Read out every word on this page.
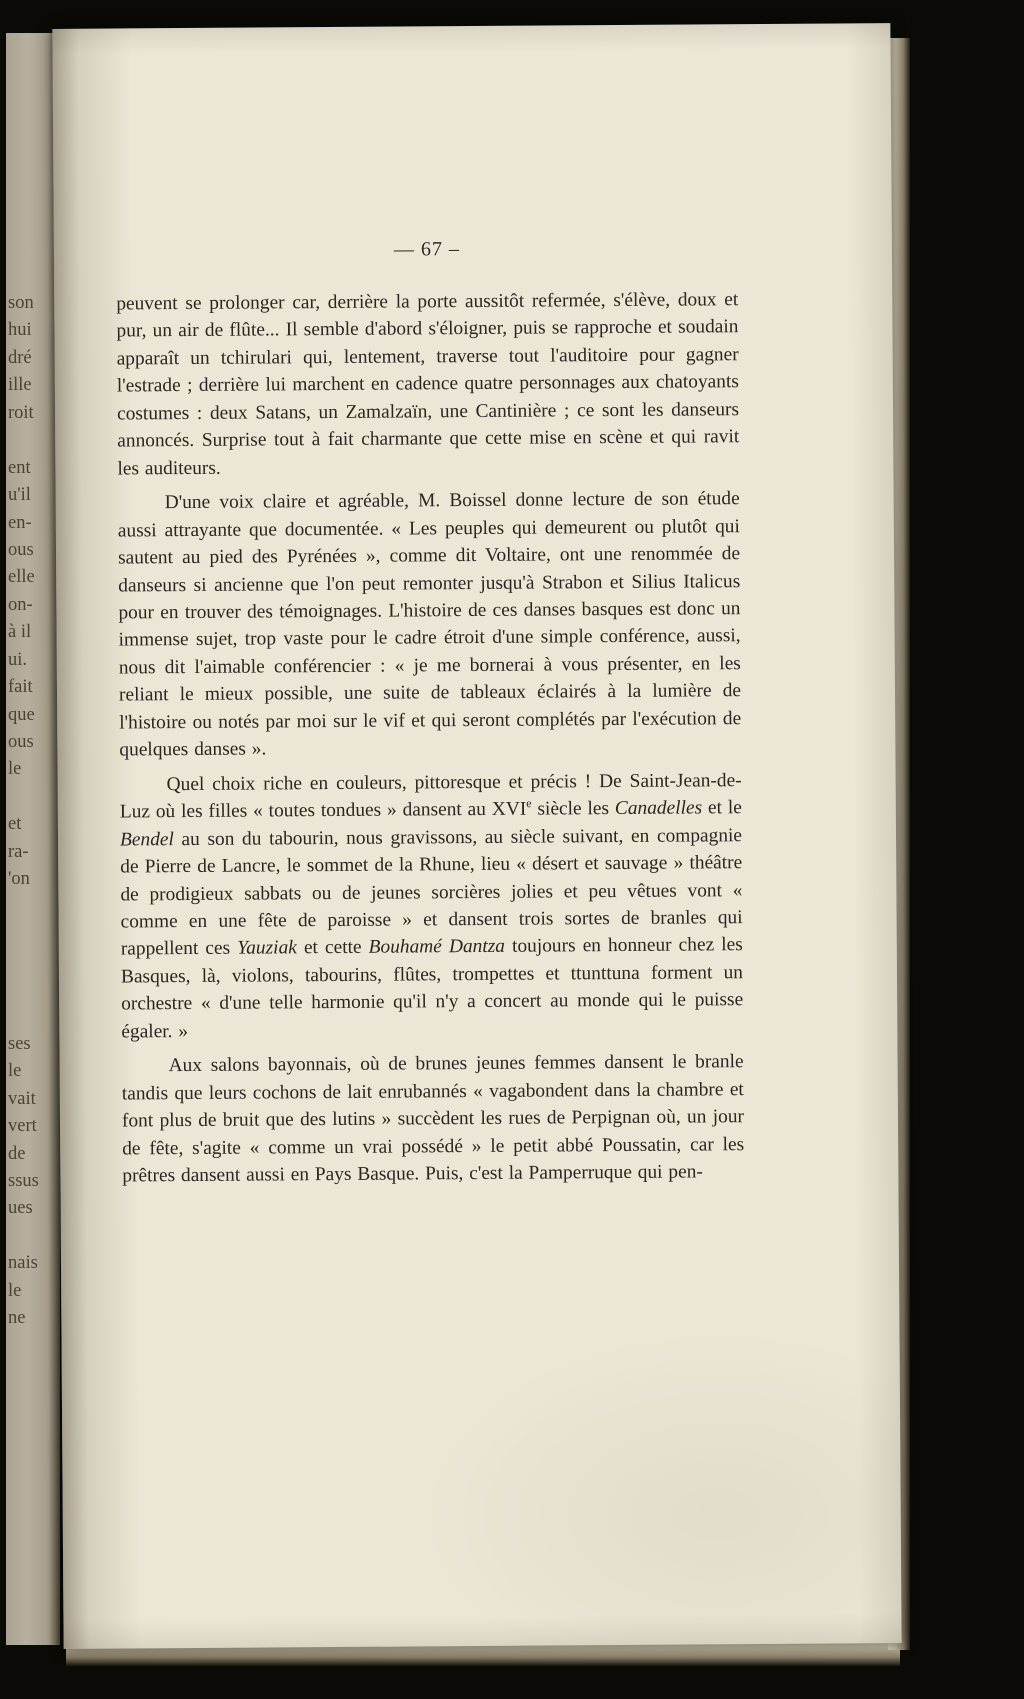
son
hui
dré
ille
roit
ent
u'il
en-
ous
elle
on-
à il
ui.
fait
que
ous
le
et
ra-
'on
ses
le
vait
vert
de
ssus
ues
nais
le
ne
— 67 –

peuvent se prolonger car, derrière la porte aussitôt refermée, s'élève, doux et pur, un air de flûte... Il semble d'abord s'éloigner, puis se rapproche et soudain apparaît un tchirulari qui, lentement, traverse tout l'auditoire pour gagner l'estrade ; derrière lui marchent en cadence quatre personnages aux chatoyants costumes : deux Satans, un Zamalzaïn, une Cantinière ; ce sont les danseurs annoncés. Surprise tout à fait charmante que cette mise en scène et qui ravit les auditeurs.

D'une voix claire et agréable, M. Boissel donne lecture de son étude aussi attrayante que documentée. « Les peuples qui demeurent ou plutôt qui sautent au pied des Pyrénées », comme dit Voltaire, ont une renommée de danseurs si ancienne que l'on peut remonter jusqu'à Strabon et Silius Italicus pour en trouver des témoignages. L'histoire de ces danses basques est donc un immense sujet, trop vaste pour le cadre étroit d'une simple conférence, aussi, nous dit l'aimable conférencier : « je me bornerai à vous présenter, en les reliant le mieux possible, une suite de tableaux éclairés à la lumière de l'histoire ou notés par moi sur le vif et qui seront complétés par l'exécution de quelques danses ».

Quel choix riche en couleurs, pittoresque et précis ! De Saint-Jean-de-Luz où les filles « toutes tondues » dansent au XVIe siècle les Canadelles et le Bendel au son du tabourin, nous gravissons, au siècle suivant, en compagnie de Pierre de Lancre, le sommet de la Rhune, lieu « désert et sauvage » théâtre de prodigieux sabbats ou de jeunes sorcières jolies et peu vêtues vont « comme en une fête de paroisse » et dansent trois sortes de branles qui rappellent ces Yauziak et cette Bouhamé Dantza toujours en honneur chez les Basques, là, violons, tabourins, flûtes, trompettes et ttunttuna forment un orchestre « d'une telle harmonie qu'il n'y a concert au monde qui le puisse égaler. »

Aux salons bayonnais, où de brunes jeunes femmes dansent le branle tandis que leurs cochons de lait enrubannés « vagabondent dans la chambre et font plus de bruit que des lutins » succèdent les rues de Perpignan où, un jour de fête, s'agite « comme un vrai possédé » le petit abbé Poussatin, car les prêtres dansent aussi en Pays Basque. Puis, c'est la Pamperruque qui pen-
